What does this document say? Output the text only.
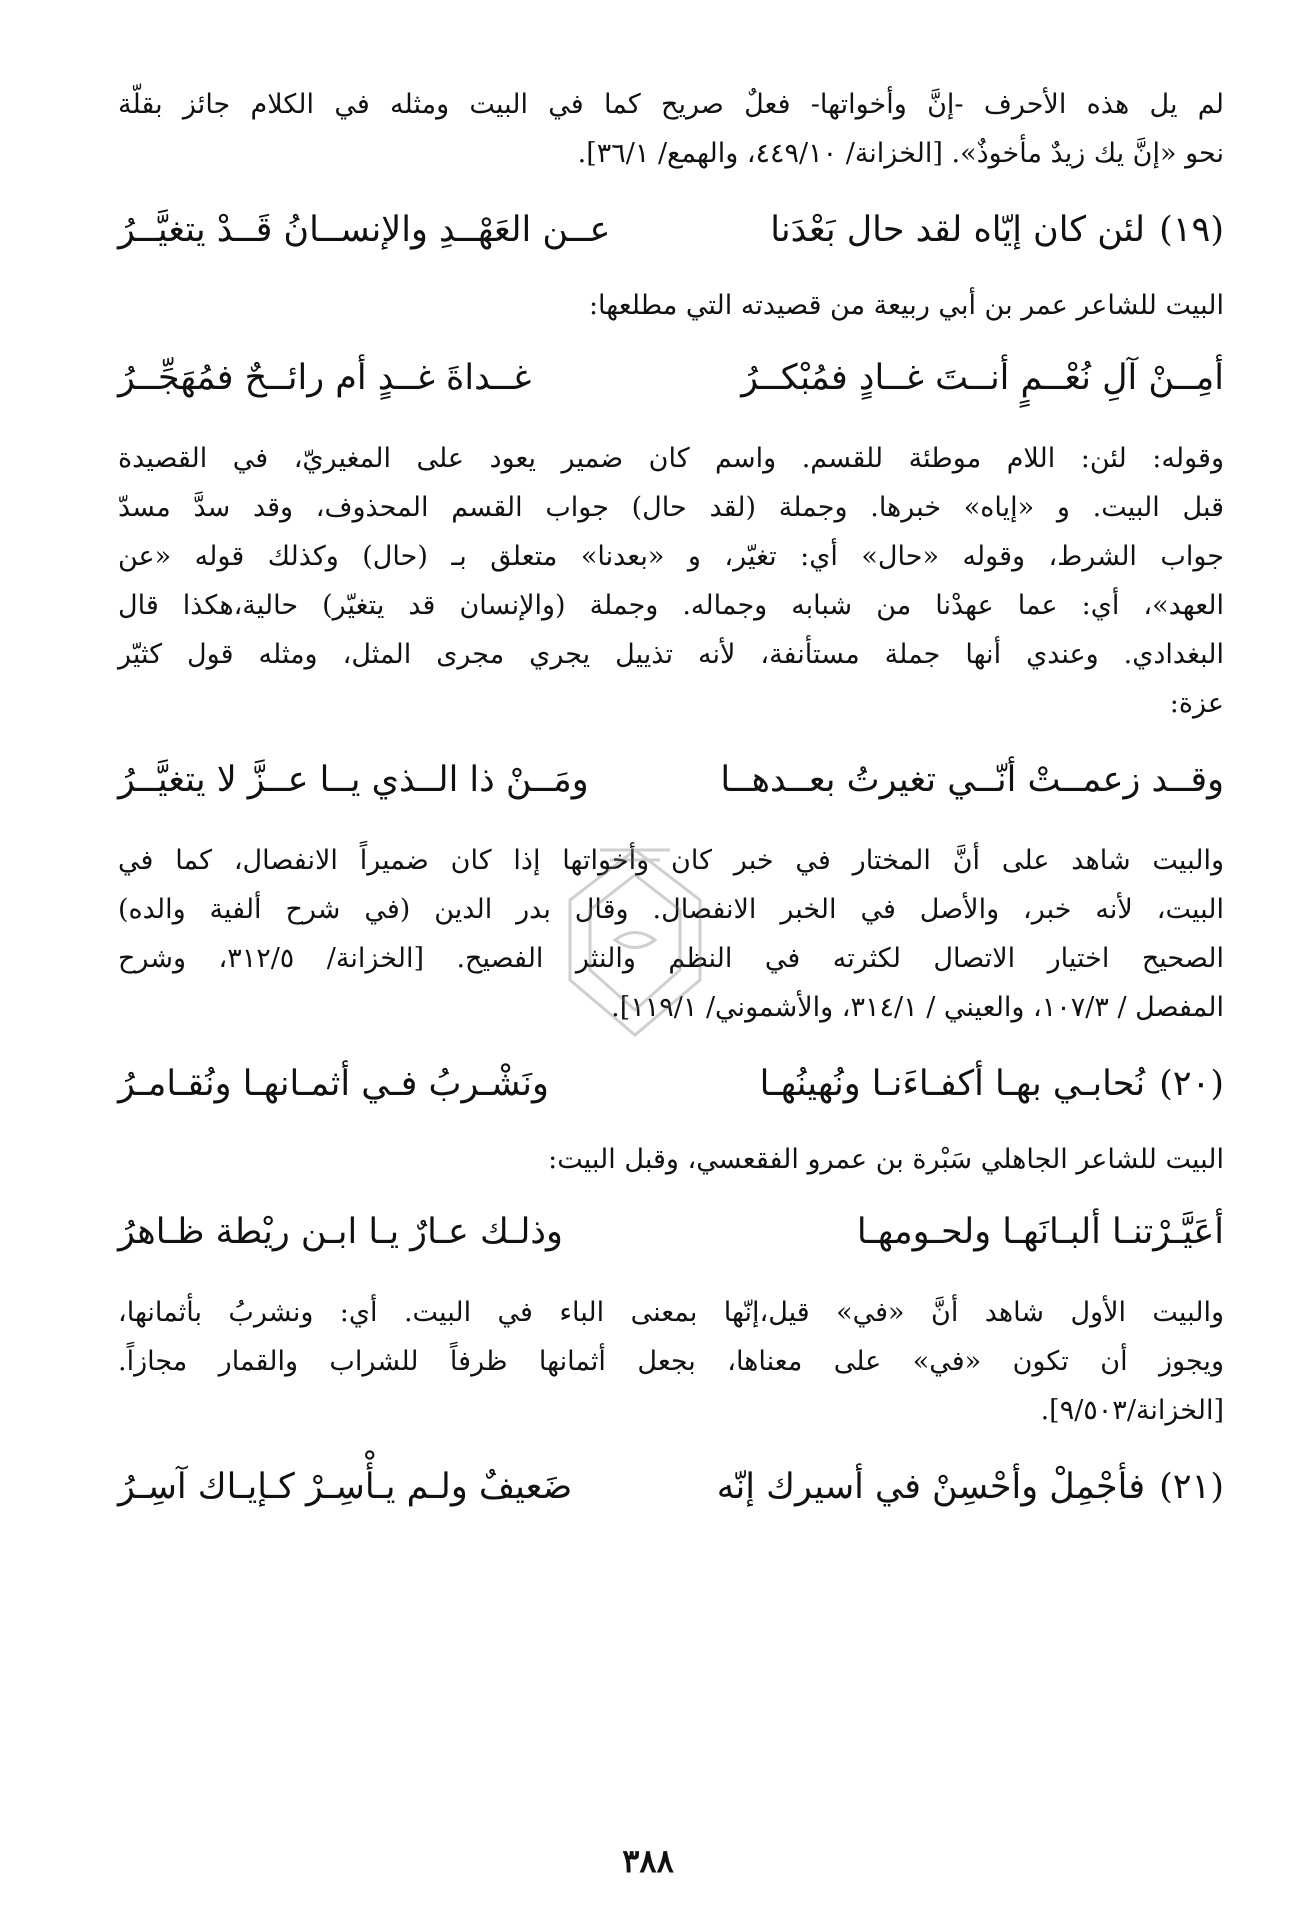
لم يل هذه الأحرف -إنَّ وأخواتها- فعلٌ صريح كما في البيت ومثله في الكلام جائز بقلّة
نحو «إنَّ يك زيدٌ مأخوذٌ». [الخزانة/ ٤٤٩/١٠، والهمع/ ٣٦/١].

(١٩)لئن كان إيّاه لقد حال بَعْدَنا
عــن العَهْــدِ والإنســانُ قَــدْ يتغيَّــرُ
البيت للشاعر عمر بن أبي ربيعة من قصيدته التي مطلعها:
أمِــنْ آلِ نُعْــمٍ أنــتَ غــادٍ فمُبْكــرُ
غــداةَ غــدٍ أم رائــحٌ فمُهَجِّــرُ

وقوله: لئن: اللام موطئة للقسم. واسم كان ضمير يعود على المغيريّ، في القصيدة
قبل البيت. و «إياه» خبرها. وجملة (لقد حال) جواب القسم المحذوف، وقد سدَّ مسدّ
جواب الشرط، وقوله «حال» أي: تغيّر، و «بعدنا» متعلق بـ (حال) وكذلك قوله «عن
العهد»، أي: عما عهدْنا من شبابه وجماله. وجملة (والإنسان قد يتغيّر) حالية،هكذا قال
البغدادي. وعندي أنها جملة مستأنفة، لأنه تذييل يجري مجرى المثل، ومثله قول كثيّر
عزة:

وقــد زعمــتْ أنّــي تغيرتُ بعــدهــا
ومَــنْ ذا الــذي يــا عــزَّ لا يتغيَّــرُ

والبيت شاهد على أنَّ المختار في خبر كان وأخواتها إذا كان ضميراً الانفصال، كما في
البيت، لأنه خبر، والأصل في الخبر الانفصال. وقال بدر الدين (في شرح ألفية والده)
الصحيح اختيار الاتصال لكثرته في النظم والنثر الفصيح. [الخزانة/ ٣١٢/٥، وشرح
المفصل / ١٠٧/٣، والعيني / ٣١٤/١، والأشموني/ ١١٩/١].

(٢٠)نُحابـي بهـا أكفـاءَنـا ونُهينُهـا
ونَشْـربُ فـي أثمـانهـا ونُقـامـرُ
البيت للشاعر الجاهلي سَبْرة بن عمرو الفقعسي، وقبل البيت:
أعَيَّـرْتنـا ألبـانَهـا ولحـومهـا
وذلـك عـارٌ يـا ابـن ريْطة ظـاهرُ

والبيت الأول شاهد أنَّ «في» قيل،إنّها بمعنى الباء في البيت. أي: ونشربُ بأثمانها،
ويجوز أن تكون «في» على معناها، بجعل أثمانها ظرفاً للشراب والقمار مجازاً.
[الخزانة/٩/٥٠٣].

(٢١)فأجْمِلْ وأحْسِنْ في أسيرك إنّه
ضَعيفٌ ولـم يـأْسِـرْ كـإيـاك آسِـرُ
٣٨٨
